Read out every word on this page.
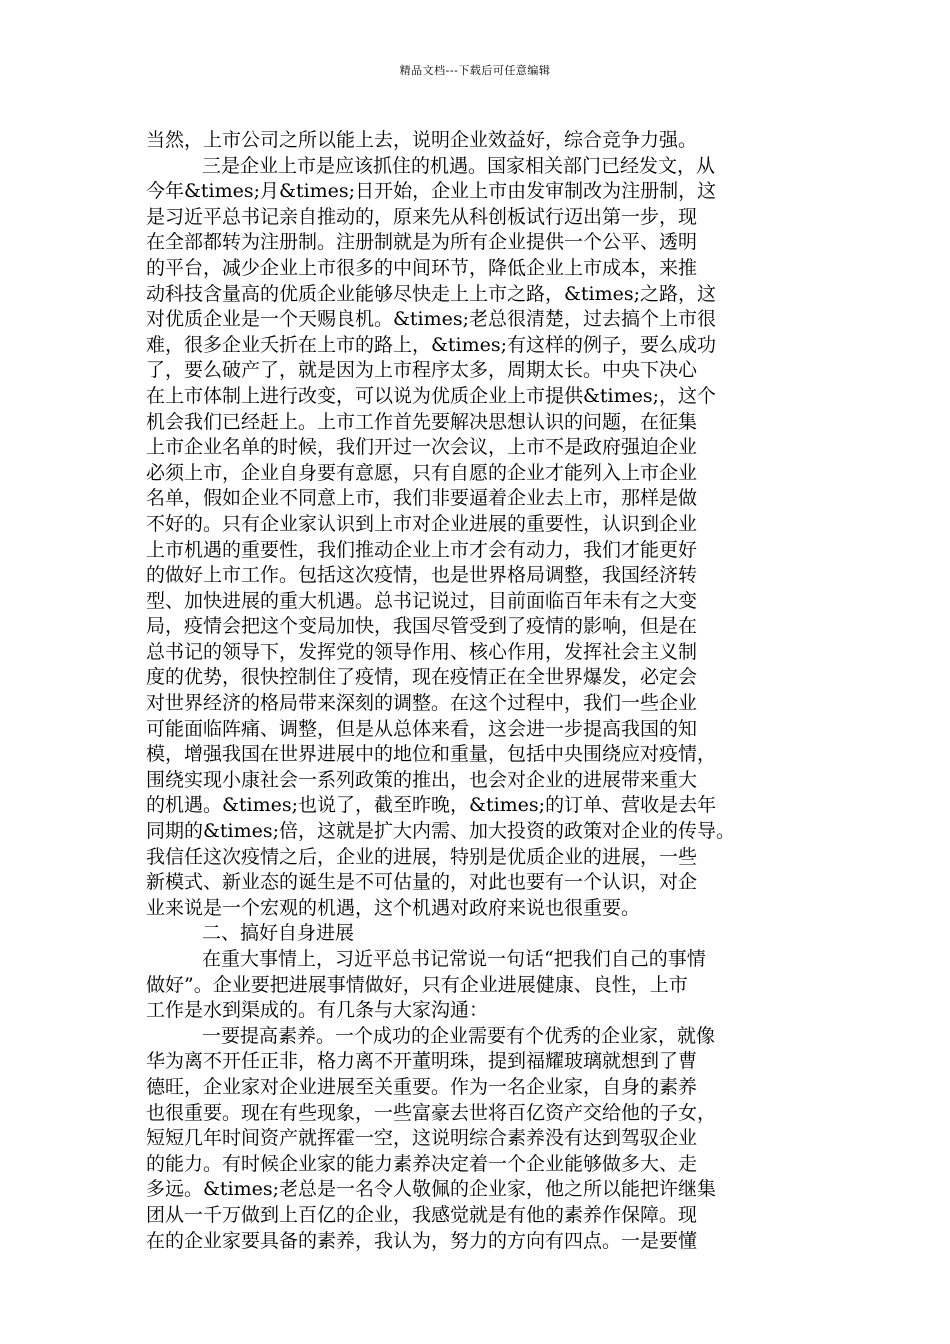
精品文档---下载后可任意编辑
当然，上市公司之所以能上去，说明企业效益好，综合竞争力强。
三是企业上市是应该抓住的机遇。国家相关部门已经发文，从
今年&times;月&times;日开始，企业上市由发审制改为注册制，这
是习近平总书记亲自推动的，原来先从科创板试行迈出第一步，现
在全部都转为注册制。注册制就是为所有企业提供一个公平、透明
的平台，减少企业上市很多的中间环节，降低企业上市成本，来推
动科技含量高的优质企业能够尽快走上上市之路，&times;之路，这
对优质企业是一个天赐良机。&times;老总很清楚，过去搞个上市很
难，很多企业夭折在上市的路上，&times;有这样的例子，要么成功
了，要么破产了，就是因为上市程序太多，周期太长。中央下决心
在上市体制上进行改变，可以说为优质企业上市提供&times;，这个
机会我们已经赶上。上市工作首先要解决思想认识的问题，在征集
上市企业名单的时候，我们开过一次会议，上市不是政府强迫企业
必须上市，企业自身要有意愿，只有自愿的企业才能列入上市企业
名单，假如企业不同意上市，我们非要逼着企业去上市，那样是做
不好的。只有企业家认识到上市对企业进展的重要性，认识到企业
上市机遇的重要性，我们推动企业上市才会有动力，我们才能更好
的做好上市工作。包括这次疫情，也是世界格局调整，我国经济转
型、加快进展的重大机遇。总书记说过，目前面临百年未有之大变
局，疫情会把这个变局加快，我国尽管受到了疫情的影响，但是在
总书记的领导下，发挥党的领导作用、核心作用，发挥社会主义制
度的优势，很快控制住了疫情，现在疫情正在全世界爆发，必定会
对世界经济的格局带来深刻的调整。在这个过程中，我们一些企业
可能面临阵痛、调整，但是从总体来看，这会进一步提高我国的知
模，增强我国在世界进展中的地位和重量，包括中央围绕应对疫情，
围绕实现小康社会一系列政策的推出，也会对企业的进展带来重大
的机遇。&times;也说了，截至昨晚，&times;的订单、营收是去年
同期的&times;倍，这就是扩大内需、加大投资的政策对企业的传导。
我信任这次疫情之后，企业的进展，特别是优质企业的进展，一些
新模式、新业态的诞生是不可估量的，对此也要有一个认识，对企
业来说是一个宏观的机遇，这个机遇对政府来说也很重要。
二、搞好自身进展
在重大事情上，习近平总书记常说一句话“把我们自己的事情
做好”。企业要把进展事情做好，只有企业进展健康、良性，上市
工作是水到渠成的。有几条与大家沟通：
一要提高素养。一个成功的企业需要有个优秀的企业家，就像
华为离不开任正非，格力离不开董明珠，提到福耀玻璃就想到了曹
德旺，企业家对企业进展至关重要。作为一名企业家，自身的素养
也很重要。现在有些现象，一些富豪去世将百亿资产交给他的子女，
短短几年时间资产就挥霍一空，这说明综合素养没有达到驾驭企业
的能力。有时候企业家的能力素养决定着一个企业能够做多大、走
多远。&times;老总是一名令人敬佩的企业家，他之所以能把许继集
团从一千万做到上百亿的企业，我感觉就是有他的素养作保障。现
在的企业家要具备的素养，我认为，努力的方向有四点。一是要懂
